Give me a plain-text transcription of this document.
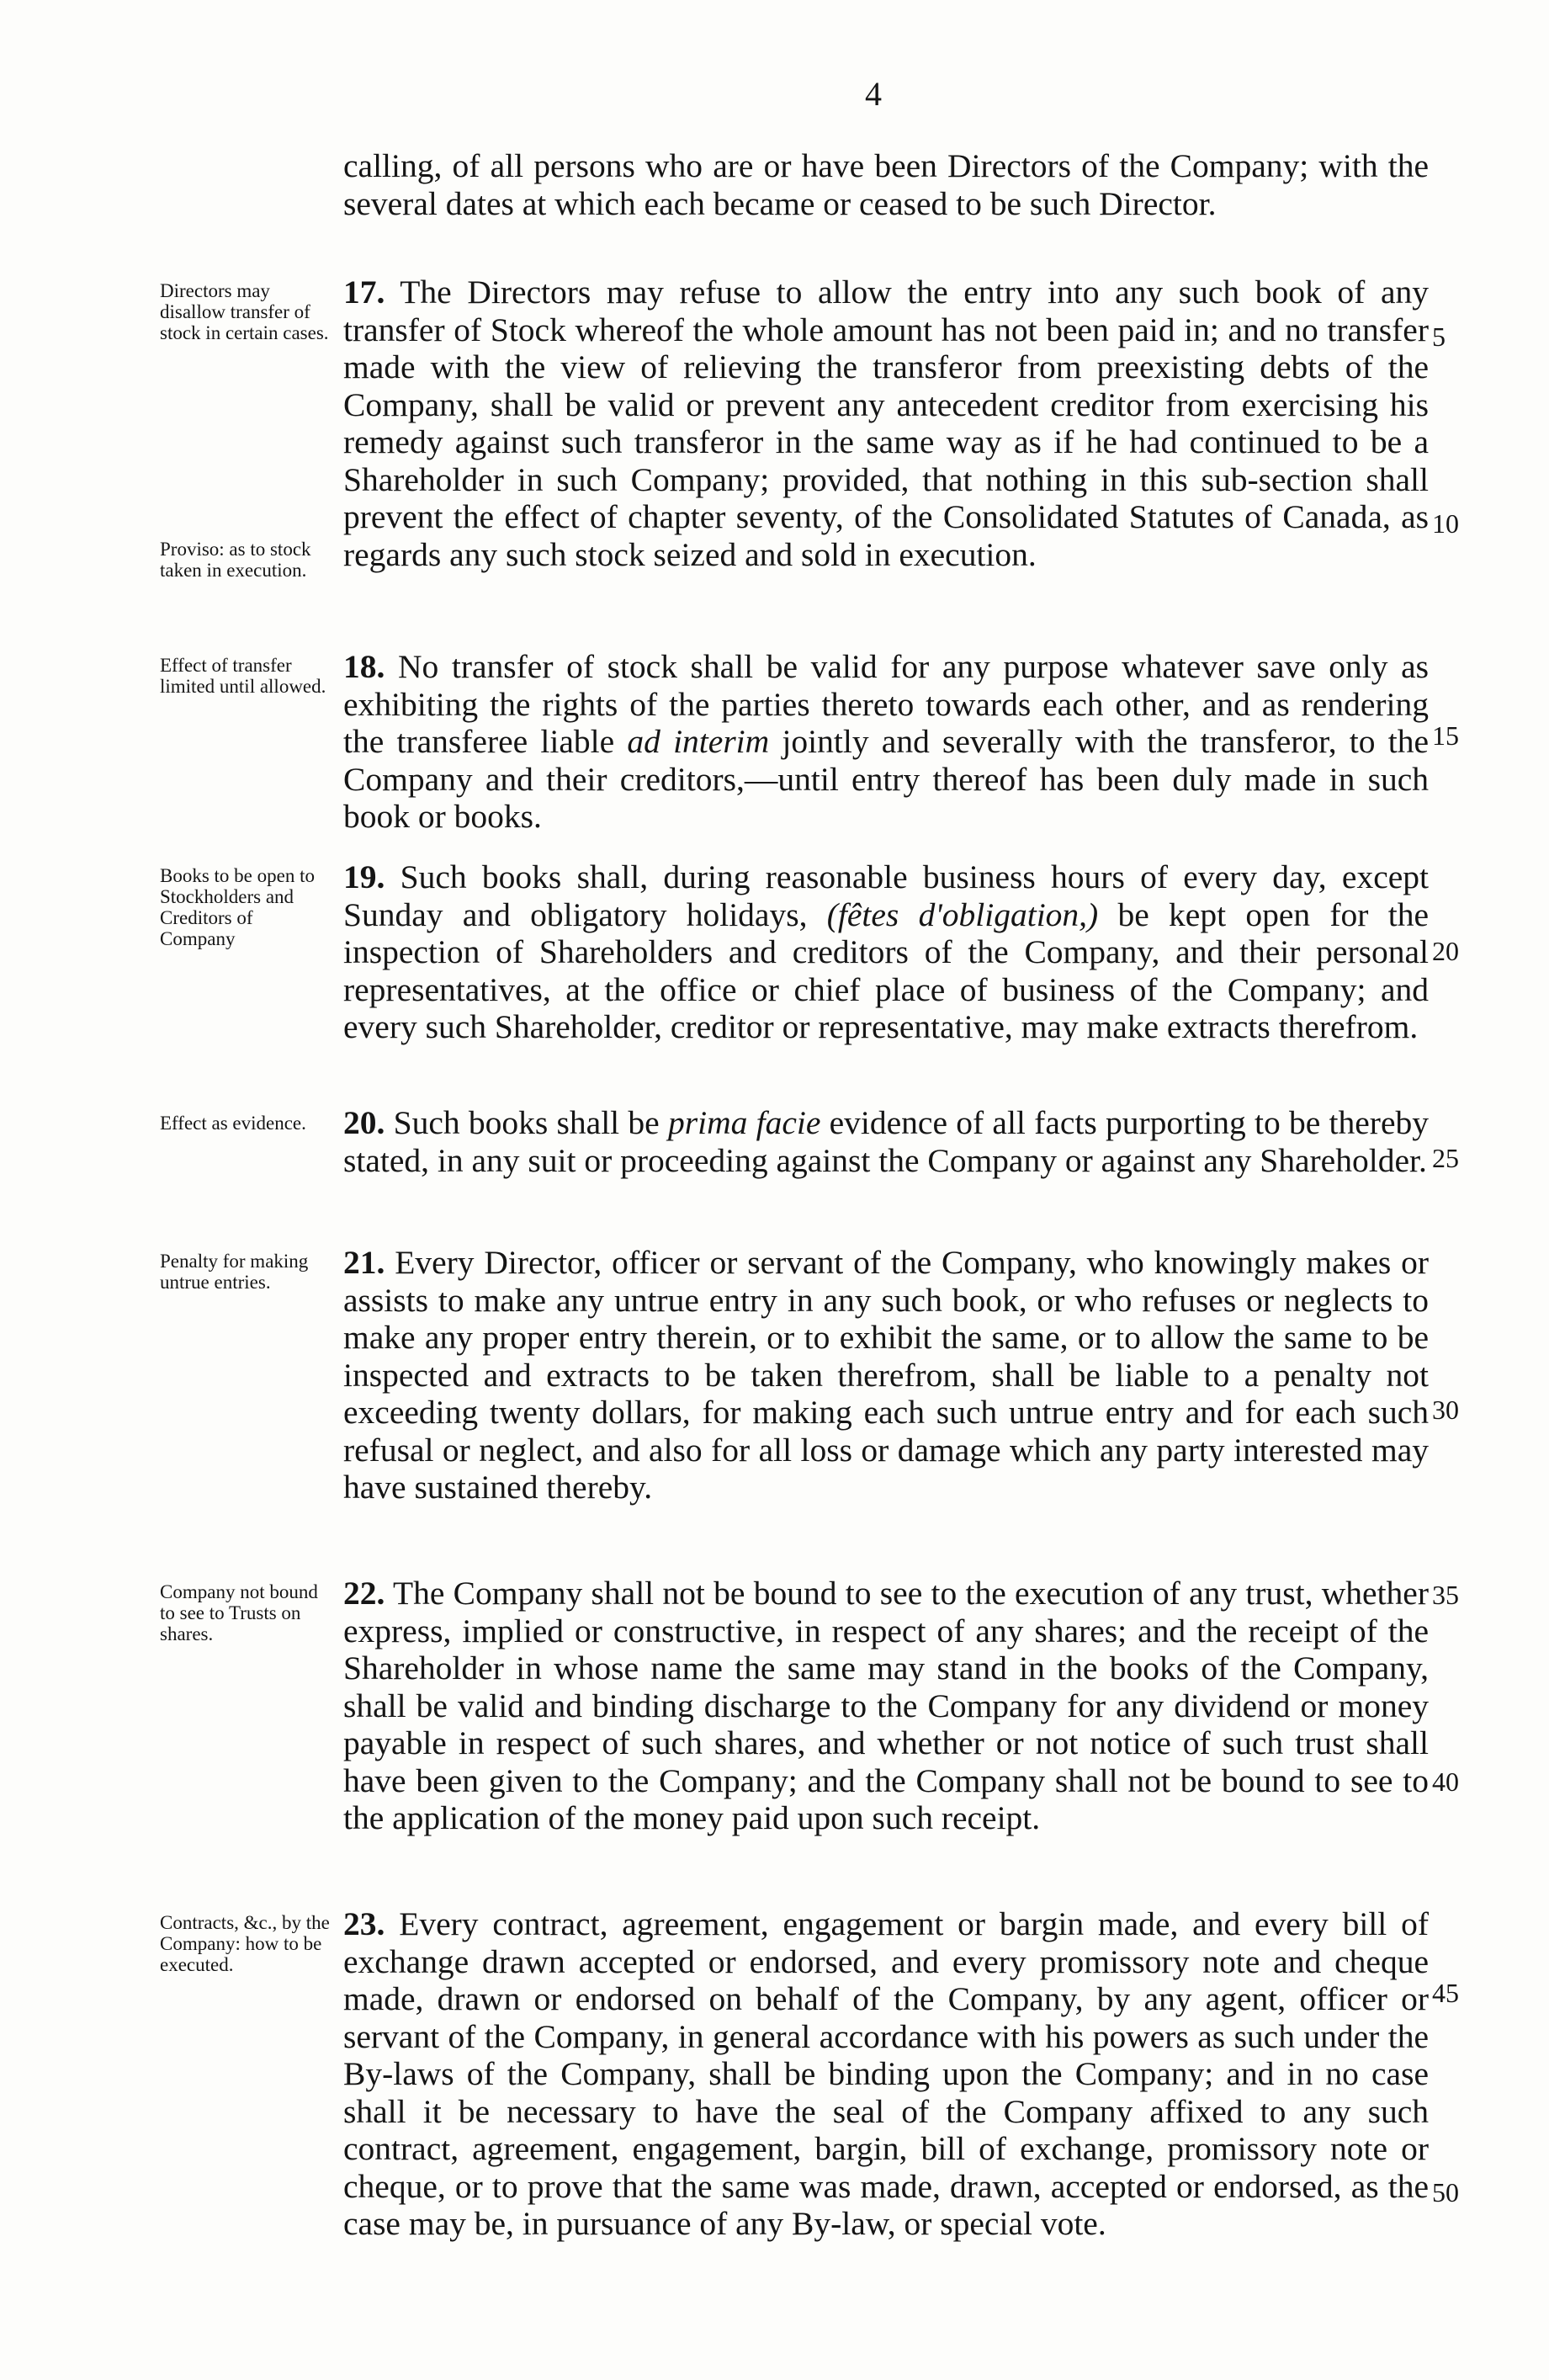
4
calling, of all persons who are or have been Directors of the Company; with the several dates at which each became or ceased to be such Director.
17. The Directors may refuse to allow the entry into any such book of any transfer of Stock whereof the whole amount has not been paid in; and no transfer made with the view of relieving the transferor from preexisting debts of the Company, shall be valid or prevent any antecedent creditor from exercising his remedy against such transferor in the same way as if he had continued to be a Shareholder in such Company; provided, that nothing in this sub-section shall prevent the effect of chapter seventy, of the Consolidated Statutes of Canada, as regards any such stock seized and sold in execution.
18. No transfer of stock shall be valid for any purpose whatever save only as exhibiting the rights of the parties thereto towards each other, and as rendering the transferee liable ad interim jointly and severally with the transferor, to the Company and their creditors,—until entry thereof has been duly made in such book or books.
19. Such books shall, during reasonable business hours of every day, except Sunday and obligatory holidays, (fêtes d'obligation,) be kept open for the inspection of Shareholders and creditors of the Company, and their personal representatives, at the office or chief place of business of the Company; and every such Shareholder, creditor or representative, may make extracts therefrom.
20. Such books shall be prima facie evidence of all facts purporting to be thereby stated, in any suit or proceeding against the Company or against any Shareholder.
21. Every Director, officer or servant of the Company, who knowingly makes or assists to make any untrue entry in any such book, or who refuses or neglects to make any proper entry therein, or to exhibit the same, or to allow the same to be inspected and extracts to be taken therefrom, shall be liable to a penalty not exceeding twenty dollars, for making each such untrue entry and for each such refusal or neglect, and also for all loss or damage which any party interested may have sustained thereby.
22. The Company shall not be bound to see to the execution of any trust, whether express, implied or constructive, in respect of any shares; and the receipt of the Shareholder in whose name the same may stand in the books of the Company, shall be valid and binding discharge to the Company for any dividend or money payable in respect of such shares, and whether or not notice of such trust shall have been given to the Company; and the Company shall not be bound to see to the application of the money paid upon such receipt.
23. Every contract, agreement, engagement or bargin made, and every bill of exchange drawn accepted or endorsed, and every promissory note and cheque made, drawn or endorsed on behalf of the Company, by any agent, officer or servant of the Company, in general accordance with his powers as such under the By-laws of the Company, shall be binding upon the Company; and in no case shall it be necessary to have the seal of the Company affixed to any such contract, agreement, engagement, bargin, bill of exchange, promissory note or cheque, or to prove that the same was made, drawn, accepted or endorsed, as the case may be, in pursuance of any By-law, or special vote.
Directors may disallow transfer of stock in certain cases.
Proviso: as to stock taken in execution.
Effect of transfer limited until allowed.
Books to be open to Stockholders and Creditors of Company
Effect as evidence.
Penalty for making untrue entries.
Company not bound to see to Trusts on shares.
Contracts, &c., by the Company: how to be executed.
5
10
15
20
25
30
35
40
45
50
